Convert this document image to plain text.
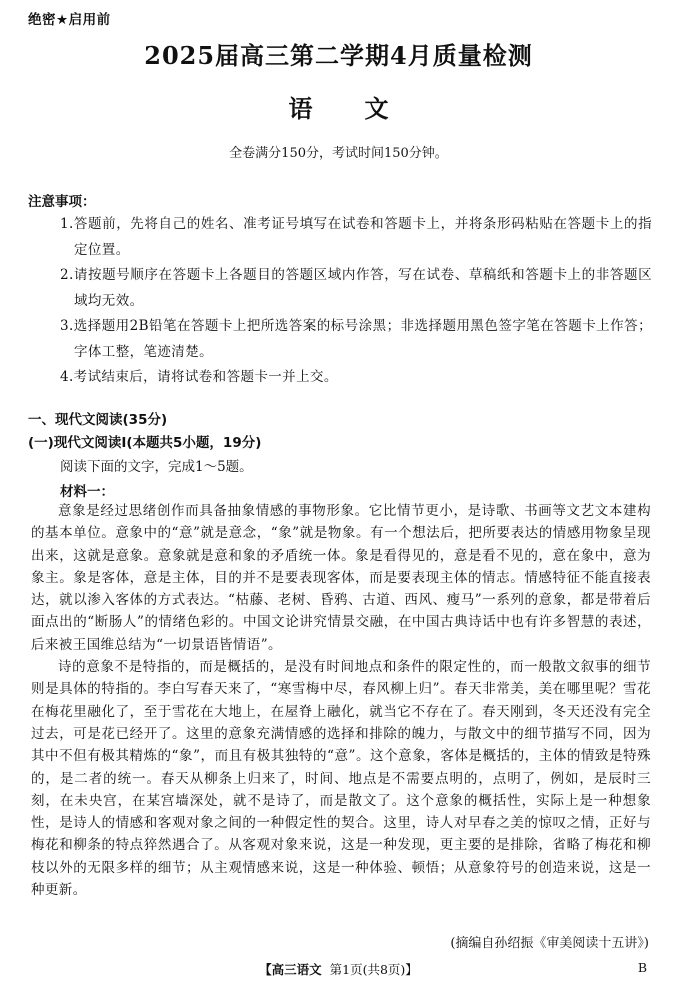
绝密★启用前
2025届高三第二学期4月质量检测
语 文
全卷满分150分，考试时间150分钟。
注意事项：
1.答题前，先将自己的姓名、准考证号填写在试卷和答题卡上，并将条形码粘贴在答题卡上的指定位置。
2.请按题号顺序在答题卡上各题目的答题区域内作答，写在试卷、草稿纸和答题卡上的非答题区域均无效。
3.选择题用2B铅笔在答题卡上把所选答案的标号涂黑；非选择题用黑色签字笔在答题卡上作答；字体工整，笔迹清楚。
4.考试结束后，请将试卷和答题卡一并上交。
一、现代文阅读(35分)
(一)现代文阅读Ⅰ(本题共5小题，19分)
阅读下面的文字，完成1～5题。
材料一：

意象是经过思绪创作而具备抽象情感的事物形象。它比情节更小，是诗歌、书画等文艺文本建构的基本单位。意象中的“意”就是意念，“象”就是物象。有一个想法后，把所要表达的情感用物象呈现出来，这就是意象。意象就是意和象的矛盾统一体。象是看得见的，意是看不见的，意在象中，意为象主。象是客体，意是主体，目的并不是要表现客体，而是要表现主体的情志。情感特征不能直接表达，就以渗入客体的方式表达。“枯藤、老树、昏鸦、古道、西风、瘦马”一系列的意象，都是带着后面点出的“断肠人”的情绪色彩的。中国文论讲究情景交融，在中国古典诗话中也有许多智慧的表述，后来被王国维总结为“一切景语皆情语”。

诗的意象不是特指的，而是概括的，是没有时间地点和条件的限定性的，而一般散文叙事的细节则是具体的特指的。李白写春天来了，“寒雪梅中尽，春风柳上归”。春天非常美，美在哪里呢？雪花在梅花里融化了，至于雪花在大地上，在屋脊上融化，就当它不存在了。春天刚到，冬天还没有完全过去，可是花已经开了。这里的意象充满情感的选择和排除的魄力，与散文中的细节描写不同，因为其中不但有极其精炼的“象”，而且有极其独特的“意”。这个意象，客体是概括的，主体的情致是特殊的，是二者的统一。春天从柳条上归来了，时间、地点是不需要点明的，点明了，例如，是辰时三刻，在未央宫，在某宫墙深处，就不是诗了，而是散文了。这个意象的概括性，实际上是一种想象性，是诗人的情感和客观对象之间的一种假定性的契合。这里，诗人对早春之美的惊叹之情，正好与梅花和柳条的特点猝然遇合了。从客观对象来说，这是一种发现，更主要的是排除，省略了梅花和柳枝以外的无限多样的细节；从主观情感来说，这是一种体验、顿悟；从意象符号的创造来说，这是一种更新。

(摘编自孙绍振《审美阅读十五讲》)
【高三语文 第1页(共8页)】	B
